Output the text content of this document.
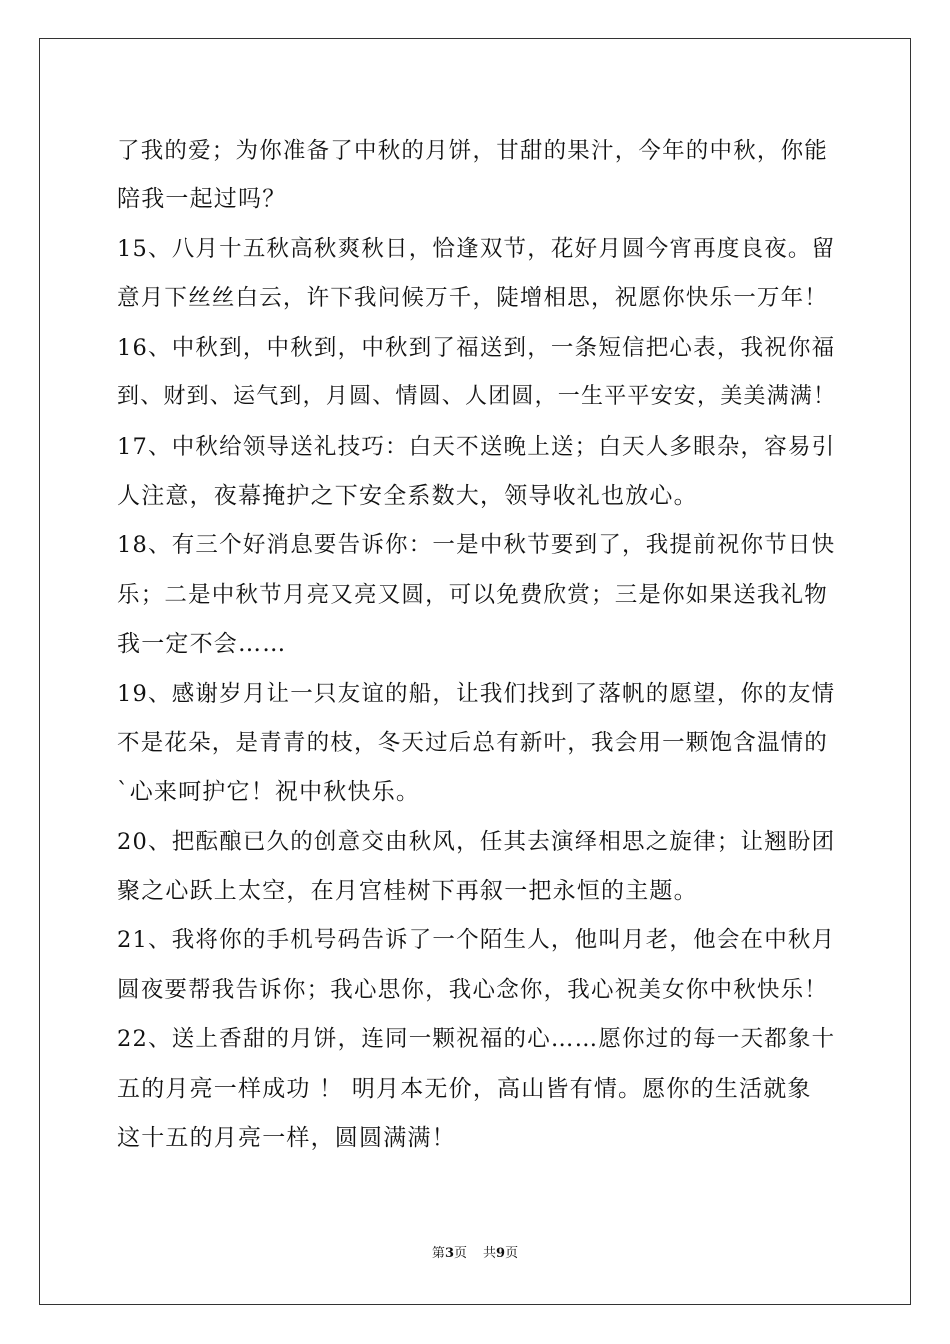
了我的爱；为你准备了中秋的月饼，甘甜的果汁，今年的中秋，你能
陪我一起过吗？
15、八月十五秋高秋爽秋日，恰逢双节，花好月圆今宵再度良夜。留
意月下丝丝白云，许下我问候万千，陡增相思，祝愿你快乐一万年！
16、中秋到，中秋到，中秋到了福送到，一条短信把心表，我祝你福
到、财到、运气到，月圆、情圆、人团圆，一生平平安安，美美满满！
17、中秋给领导送礼技巧：白天不送晚上送；白天人多眼杂，容易引
人注意，夜幕掩护之下安全系数大，领导收礼也放心。
18、有三个好消息要告诉你：一是中秋节要到了，我提前祝你节日快
乐；二是中秋节月亮又亮又圆，可以免费欣赏；三是你如果送我礼物
我一定不会……
19、感谢岁月让一只友谊的船，让我们找到了落帆的愿望，你的友情
不是花朵，是青青的枝，冬天过后总有新叶，我会用一颗饱含温情的
`心来呵护它！祝中秋快乐。
20、把酝酿已久的创意交由秋风，任其去演绎相思之旋律；让翘盼团
聚之心跃上太空，在月宫桂树下再叙一把永恒的主题。
21、我将你的手机号码告诉了一个陌生人，他叫月老，他会在中秋月
圆夜要帮我告诉你；我心思你，我心念你，我心祝美女你中秋快乐！
22、送上香甜的月饼，连同一颗祝福的心……愿你过的每一天都象十
五的月亮一样成功 ！ 明月本无价，高山皆有情。愿你的生活就象
这十五的月亮一样，圆圆满满！
第3页 共9页
